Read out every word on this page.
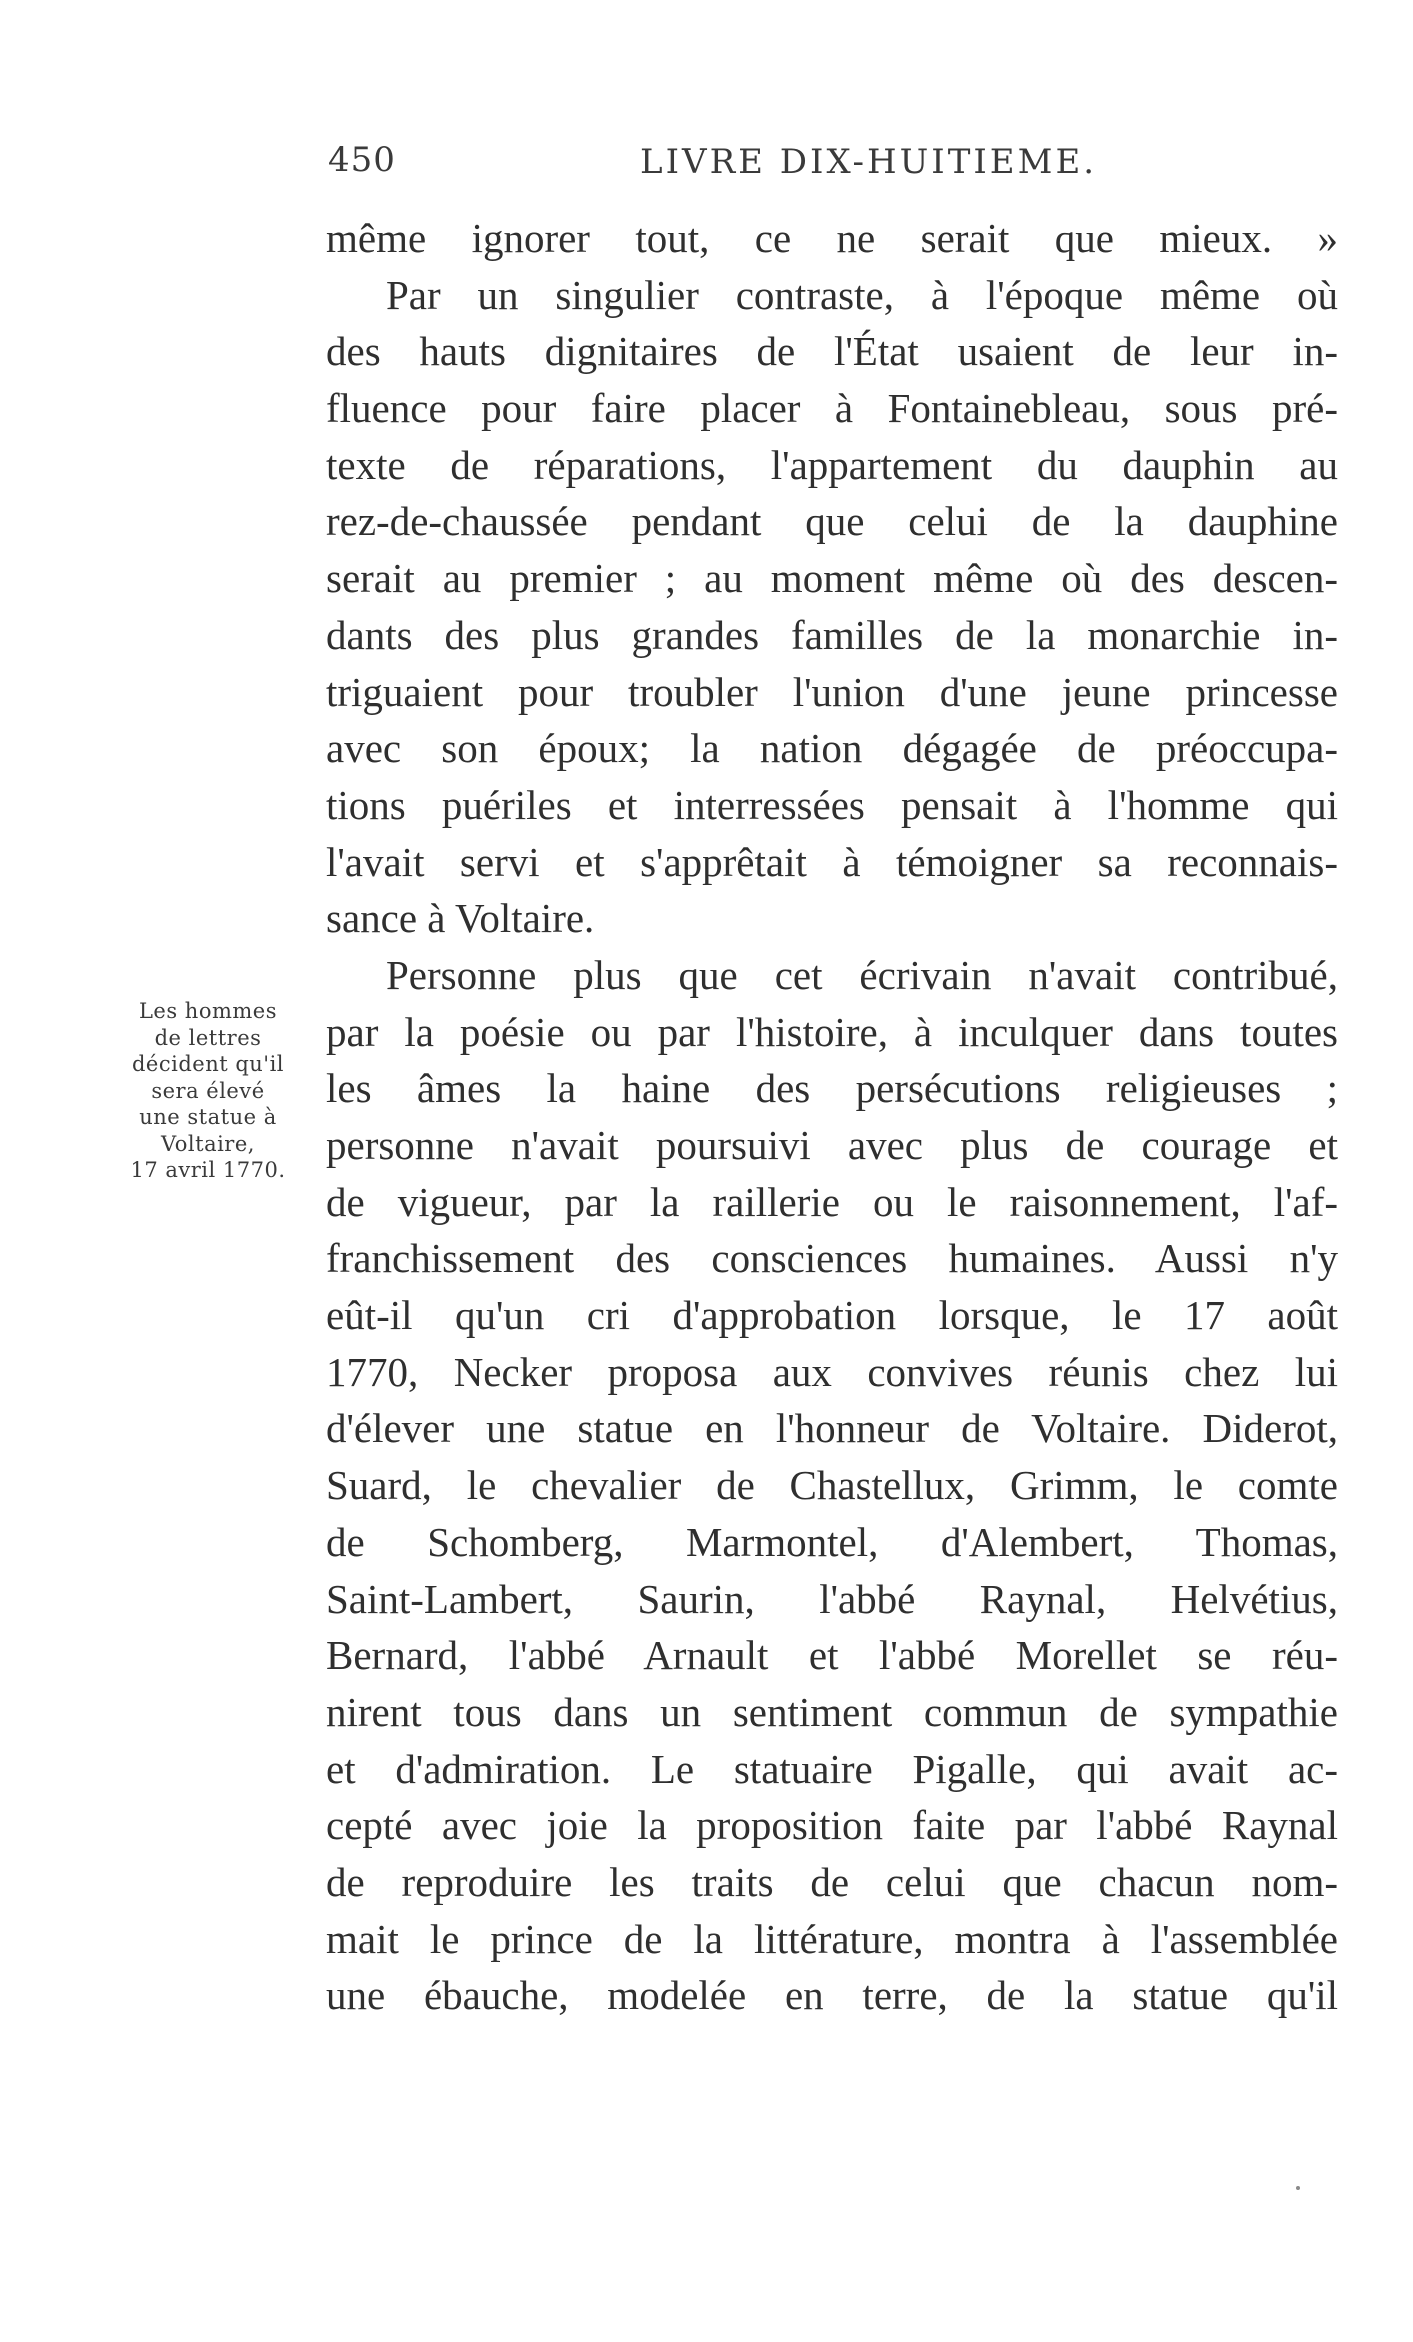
450	LIVRE DIX-HUITIEME.
Les hommes
de lettres
décident qu'il
sera élevé
une statue à
Voltaire,
17 avril 1770.
même ignorer tout, ce ne serait que mieux. »
Par un singulier contraste, à l'époque même où
des hauts dignitaires de l'État usaient de leur in-
fluence pour faire placer à Fontainebleau, sous pré-
texte de réparations, l'appartement du dauphin au
rez-de-chaussée pendant que celui de la dauphine
serait au premier ; au moment même où des descen-
dants des plus grandes familles de la monarchie in-
triguaient pour troubler l'union d'une jeune princesse
avec son époux; la nation dégagée de préoccupa-
tions puériles et interressées pensait à l'homme qui
l'avait servi et s'apprêtait à témoigner sa reconnais-
sance à Voltaire.
Personne plus que cet écrivain n'avait contribué,
par la poésie ou par l'histoire, à inculquer dans toutes
les âmes la haine des persécutions religieuses ;
personne n'avait poursuivi avec plus de courage et
de vigueur, par la raillerie ou le raisonnement, l'af-
franchissement des consciences humaines. Aussi n'y
eût-il qu'un cri d'approbation lorsque, le 17 août
1770, Necker proposa aux convives réunis chez lui
d'élever une statue en l'honneur de Voltaire. Diderot,
Suard, le chevalier de Chastellux, Grimm, le comte
de Schomberg, Marmontel, d'Alembert, Thomas,
Saint-Lambert, Saurin, l'abbé Raynal, Helvétius,
Bernard, l'abbé Arnault et l'abbé Morellet se réu-
nirent tous dans un sentiment commun de sympathie
et d'admiration. Le statuaire Pigalle, qui avait ac-
cepté avec joie la proposition faite par l'abbé Raynal
de reproduire les traits de celui que chacun nom-
mait le prince de la littérature, montra à l'assemblée
une ébauche, modelée en terre, de la statue qu'il
